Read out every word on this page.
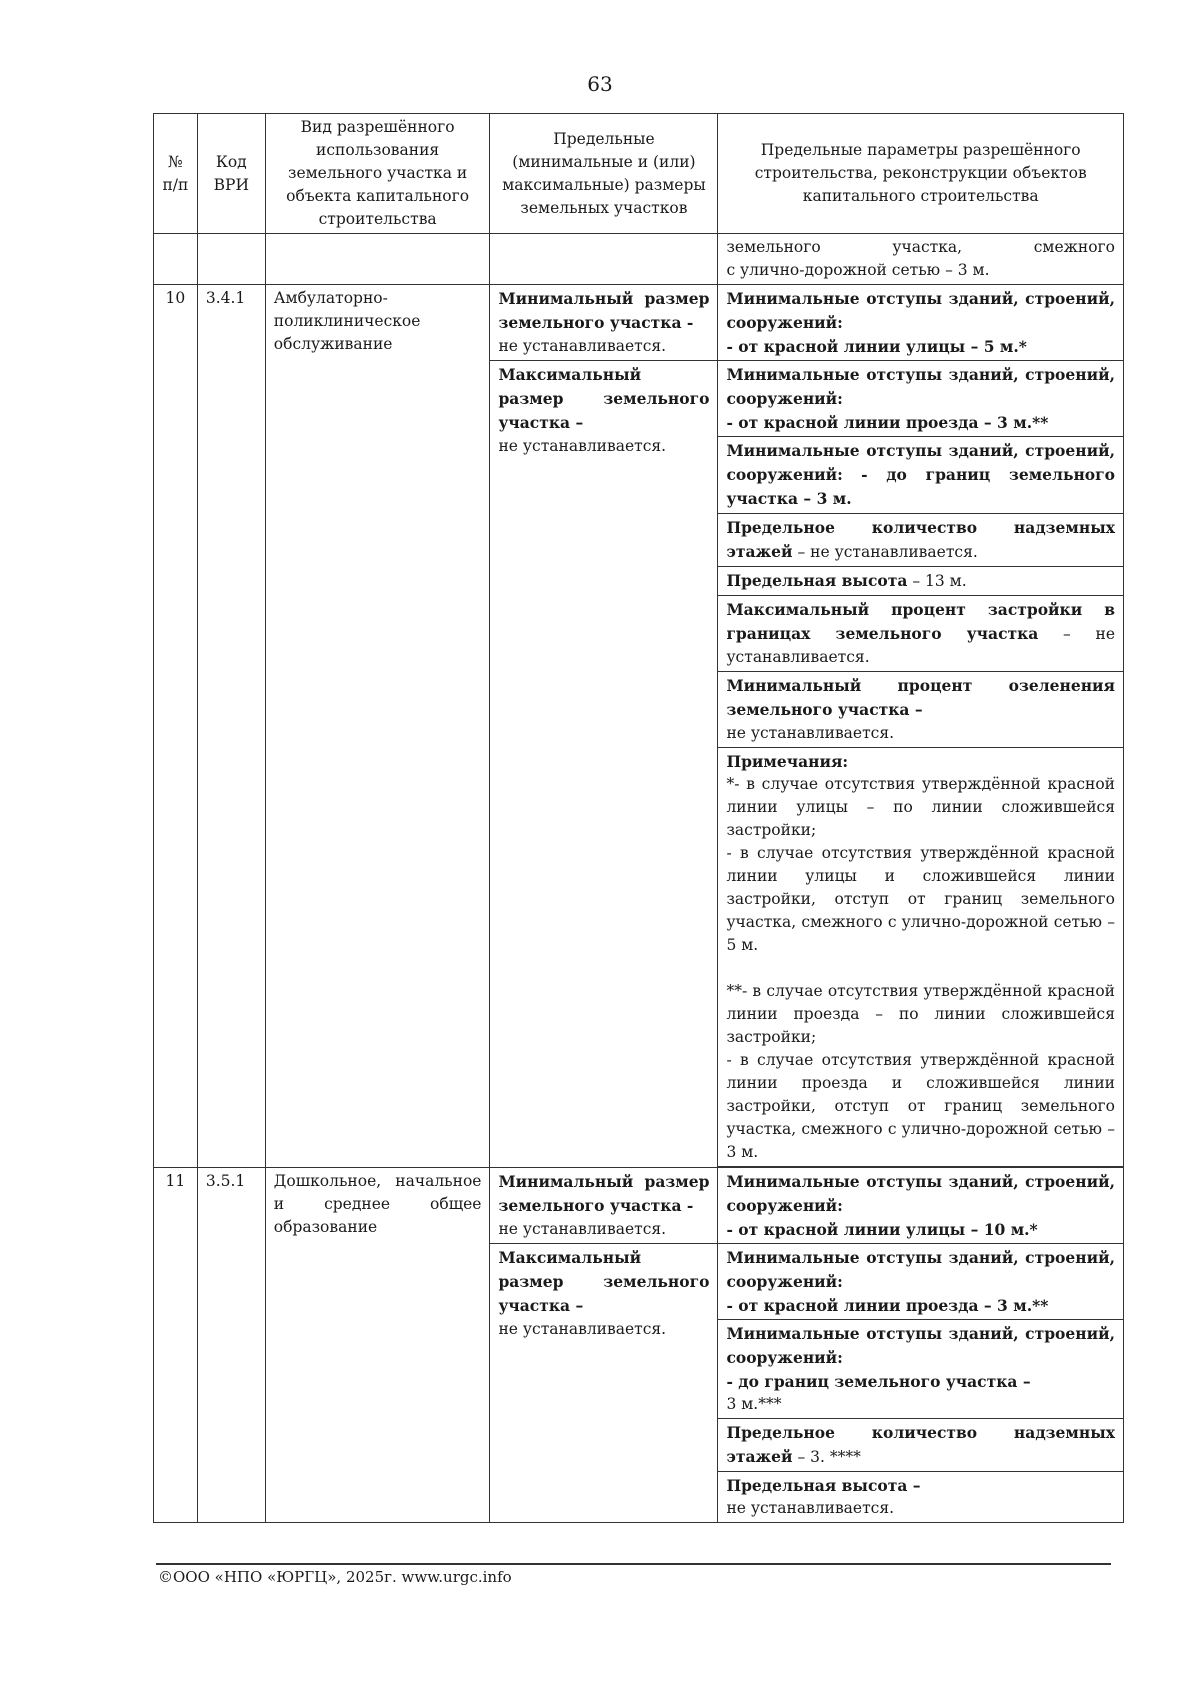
63
№ п/п	Код ВРИ	Вид разрешённого использования земельного участка и объекта капитального строительства	Предельные (минимальные и (или) максимальные) размеры земельных участков	Предельные параметры разрешённого строительства, реконструкции объектов капитального строительства

				земельного участка, смежного
с улично-дорожной сетью – 3 м.

10	3.4.1	Амбулаторно-поликлиническое обслуживание	Минимальный размер земельного участка -
не устанавливается.	Минимальные отступы зданий, строений, сооружений:
- от красной линии улицы – 5 м.*

			Максимальный размер земельного участка –
не устанавливается.	Минимальные отступы зданий, строений, сооружений:
- от красной линии проезда – 3 м.**

				Минимальные отступы зданий, строений, сооружений: - до границ земельного участка – 3 м.
				Предельное количество надземных этажей – не устанавливается.
				Предельная высота – 13 м.
				Максимальный процент застройки в границах земельного участка – не устанавливается.
				Минимальный процент озеленения земельного участка –
не устанавливается.

				Примечания:
*- в случае отсутствия утверждённой красной линии улицы – по линии сложившейся застройки;
- в случае отсутствия утверждённой красной линии улицы и сложившейся линии застройки, отступ от границ земельного участка, смежного с улично-дорожной сетью – 5 м.
**- в случае отсутствия утверждённой красной линии проезда – по линии сложившейся застройки;
- в случае отсутствия утверждённой красной линии проезда и сложившейся линии застройки, отступ от границ земельного участка, смежного с улично-дорожной сетью – 3 м.

11	3.5.1	Дошкольное, начальное и среднее общее образование	Минимальный размер земельного участка -
не устанавливается.	Минимальные отступы зданий, строений, сооружений:
- от красной линии улицы – 10 м.*

			Максимальный размер земельного участка –
не устанавливается.	Минимальные отступы зданий, строений, сооружений:
- от красной линии проезда – 3 м.**

				Минимальные отступы зданий, строений, сооружений:
- до границ земельного участка –
3 м.***

				Предельное количество надземных этажей – 3. ****

				Предельная высота –
не устанавливается.
©ООО «НПО «ЮРГЦ», 2025г. www.urgc.info
